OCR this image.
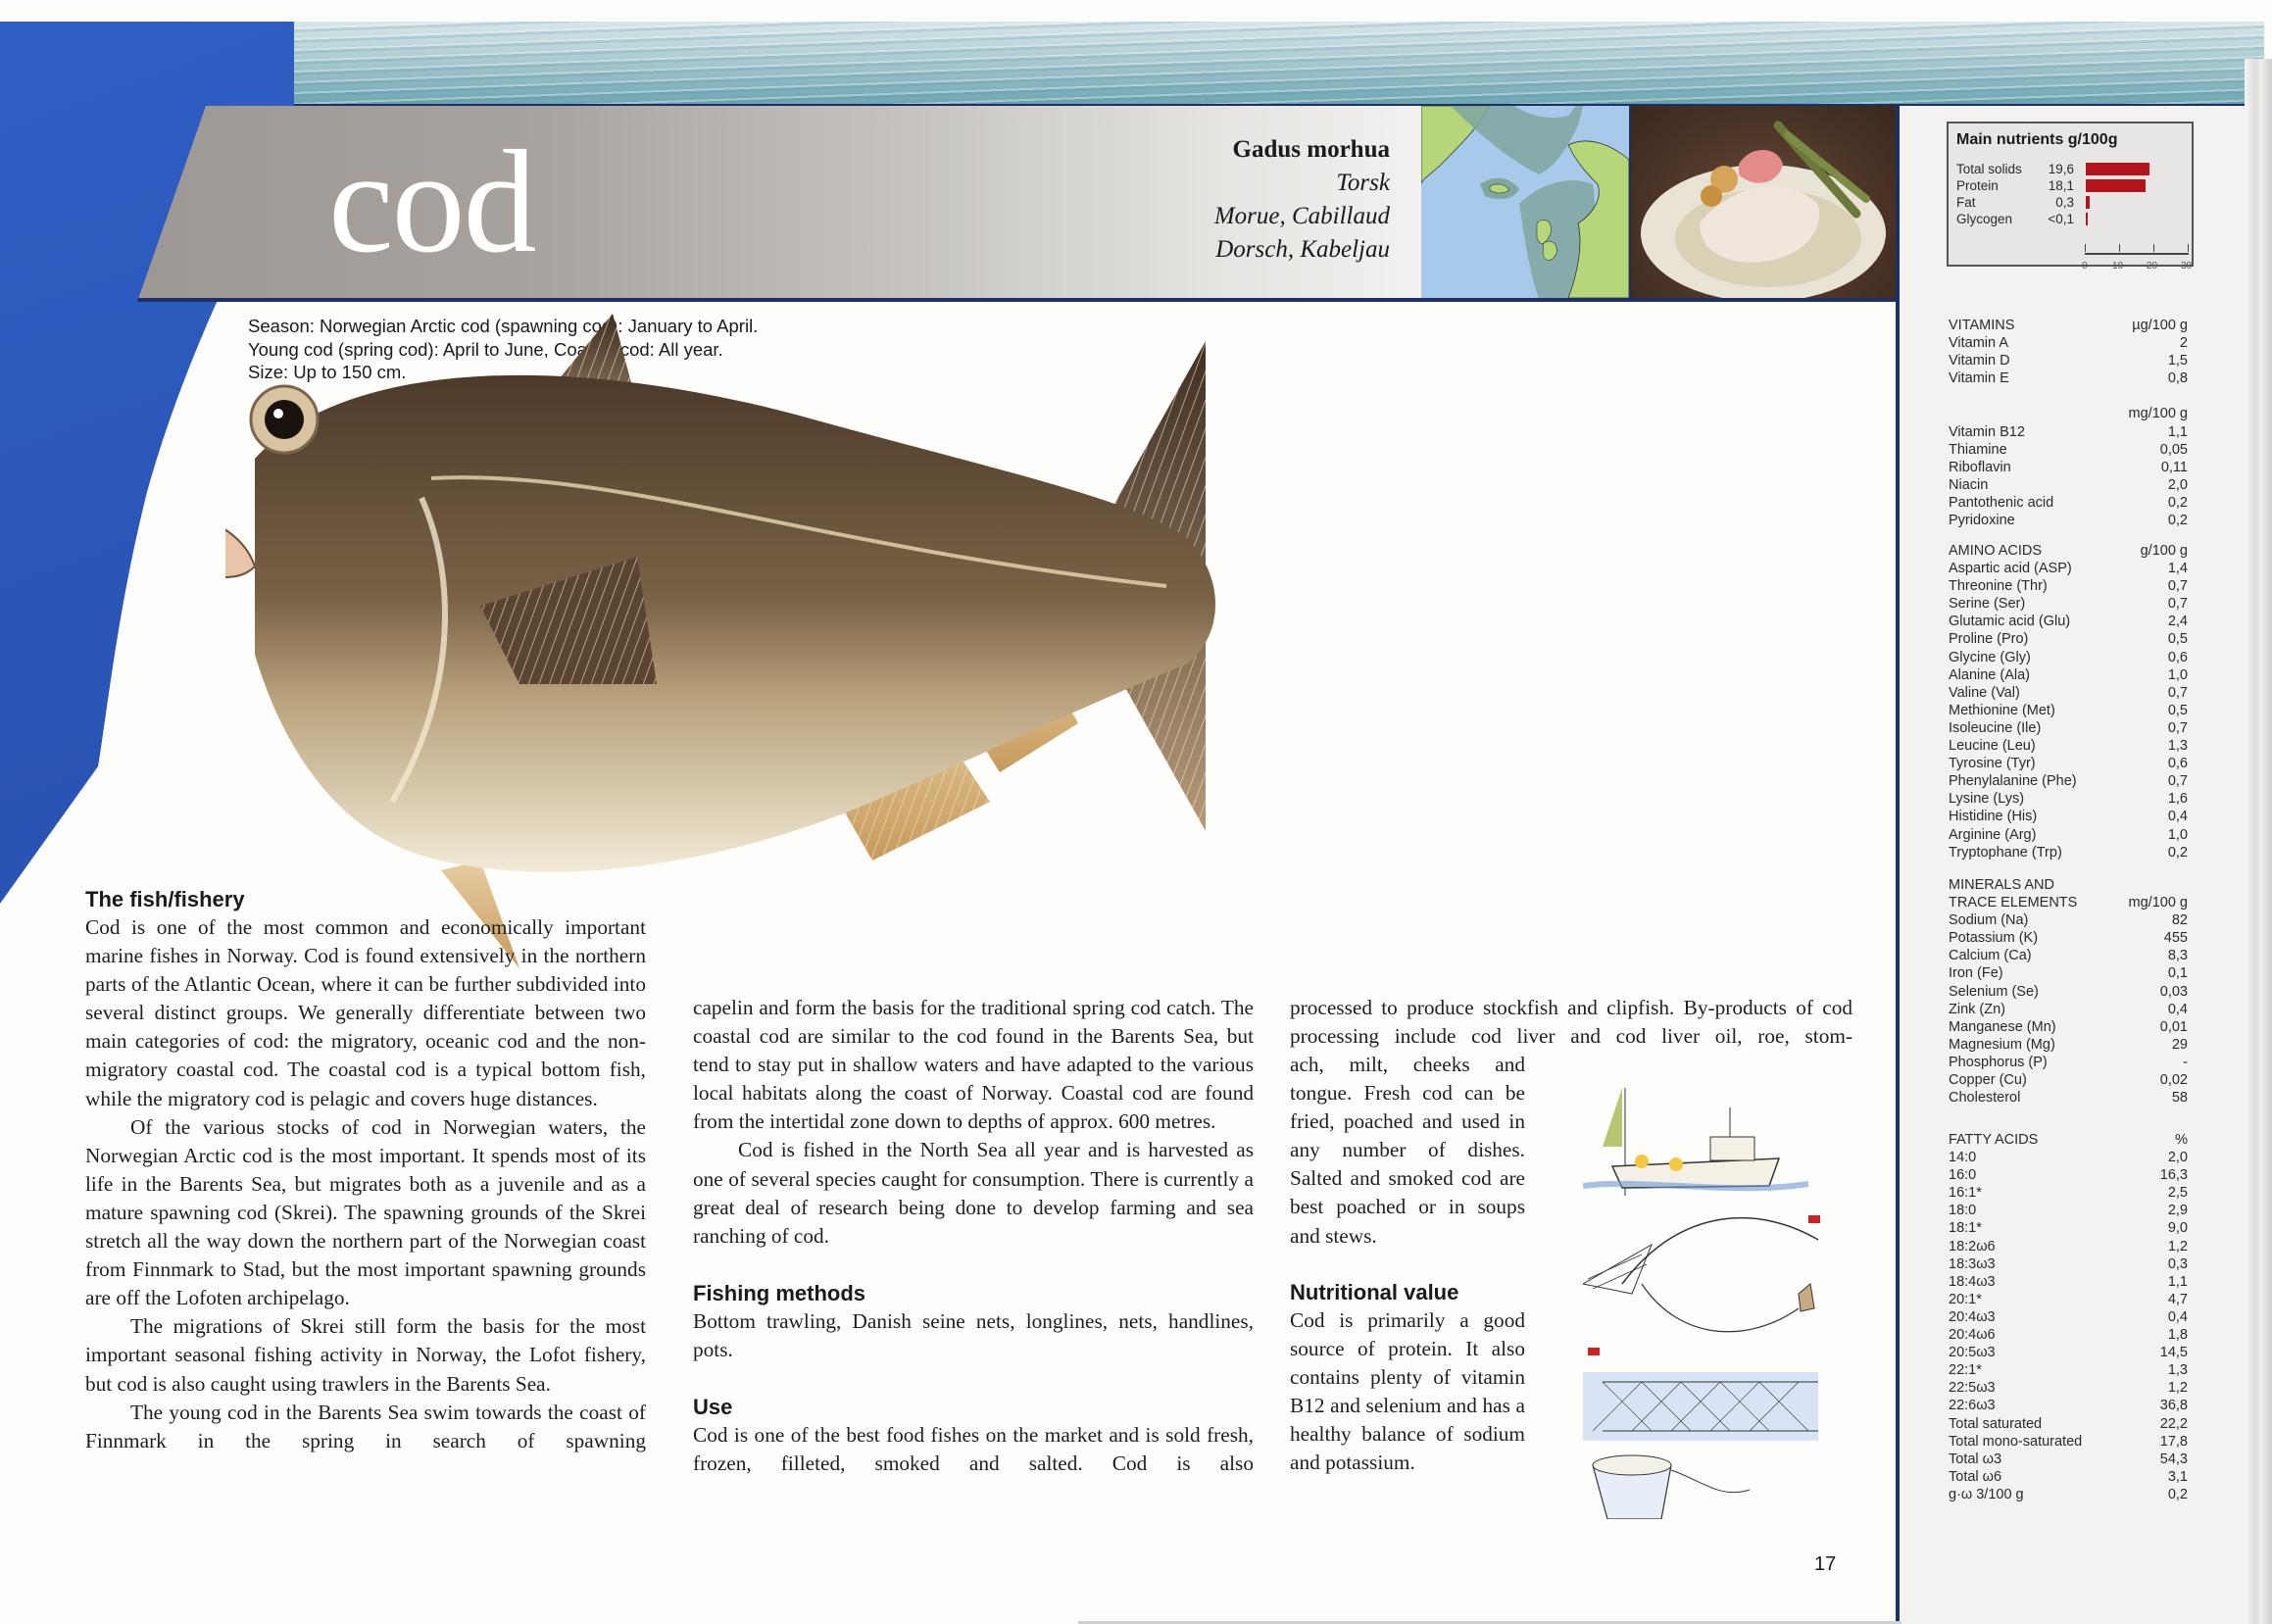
cod	Gadus morhua
Torsk
Morue, Cabillaud
Dorsch, Kabeljau
Main nutrients g/100g
Total solids	19,6
Protein	18,1
Fat	0,3
Glycogen	<0,1
0	10 20 30
VITAMINS	µg/100 g
Vitamin A	2
Vitamin D	1,5
Vitamin E	0,8
mg/100 g
Vitamin B12	1,1
Thiamine	0,05
Riboflavin	0,11
Niacin	2,0
Pantothenic acid	0,2
Pyridoxine	0,2
AMINO ACIDS	g/100 g
Aspartic acid (ASP)	1,4
Threonine (Thr)	0,7
Serine (Ser)	0,7
Glutamic acid (Glu)	2,4
Proline (Pro)	0,5
Glycine (Gly)	0,6
Alanine (Ala)	1,0
Valine (Val)	0,7
Methionine (Met)	0,5
Isoleucine (Ile)	0,7
Leucine (Leu)	1,3
Tyrosine (Tyr)	0,6
Phenylalanine (Phe)	0,7
Lysine (Lys)	1,6
Histidine (His)	0,4
Arginine (Arg)	1,0
Tryptophane (Trp)	0,2
MINERALS AND
TRACE ELEMENTS	mg/100 g
Sodium (Na)	82
Potassium (K)	455
Calcium (Ca)	8,3
Iron (Fe)	0,1
Selenium (Se)	0,03
Zink (Zn)	0,4
Manganese (Mn)	0,01
Magnesium (Mg)	29
Phosphorus (P)	-
Copper (Cu)	0,02
Cholesterol	58
FATTY ACIDS	%
14:0	2,0
16:0	16,3
16:1*	2,5
18:0	2,9
18:1*	9,0
18:2ω6	1,2
18:3ω3	0,3
18:4ω3	1,1
20:1*	4,7
20:4ω3	0,4
20:4ω6	1,8
20:5ω3	14,5
22:1*	1,3
22:5ω3	1,2
22:6ω3	36,8
Total saturated	22,2
Total mono-saturated	17,8
Total ω3	54,3
Total ω6	3,1
g·ω 3/100 g	0,2
Season: Norwegian Arctic cod (spawning cod): January to April.
Young cod (spring cod): April to June, Coastal cod: All year.
Size: Up to 150 cm.
The fish/fishery

Cod is one of the most common and economically important marine fishes in Norway. Cod is found extensively in the northern parts of the Atlantic Ocean, where it can be further subdivided into several distinct groups. We generally differentiate between two main categories of cod: the migratory, oceanic cod and the non-migratory coastal cod. The coastal cod is a typical bottom fish, while the migratory cod is pelagic and covers huge distances.

Of the various stocks of cod in Norwegian waters, the Norwegian Arctic cod is the most important. It spends most of its life in the Barents Sea, but migrates both as a juvenile and as a mature spawning cod (Skrei). The spawning grounds of the Skrei stretch all the way down the northern part of the Norwegian coast from Finnmark to Stad, but the most important spawning grounds are off the Lofoten archipelago.

The migrations of Skrei still form the basis for the most important seasonal fishing activity in Norway, the Lofot fishery, but cod is also caught using trawlers in the Barents Sea.

The young cod in the Barents Sea swim towards the coast of Finnmark in the spring in search of spawning

capelin and form the basis for the traditional spring cod catch. The coastal cod are similar to the cod found in the Barents Sea, but tend to stay put in shallow waters and have adapted to the various local habitats along the coast of Norway. Coastal cod are found from the intertidal zone down to depths of approx. 600 metres.

Cod is fished in the North Sea all year and is harvested as one of several species caught for consumption. There is currently a great deal of research being done to develop farming and sea ranching of cod.

Fishing methods

Bottom trawling, Danish seine nets, longlines, nets, handlines, pots.

Use

Cod is one of the best food fishes on the market and is sold fresh, frozen, filleted, smoked and salted. Cod is also

processed to produce stockfish and clipfish. By-products of cod processing include cod liver and cod liver oil, roe, stom-

ach, milt, cheeks and tongue. Fresh cod can be fried, poached and used in any number of dishes. Salted and smoked cod are best poached or in soups and stews.

Nutritional value

Cod is primarily a good source of protein. It also contains plenty of vitamin B12 and selenium and has a healthy balance of sodium and potassium.

17
